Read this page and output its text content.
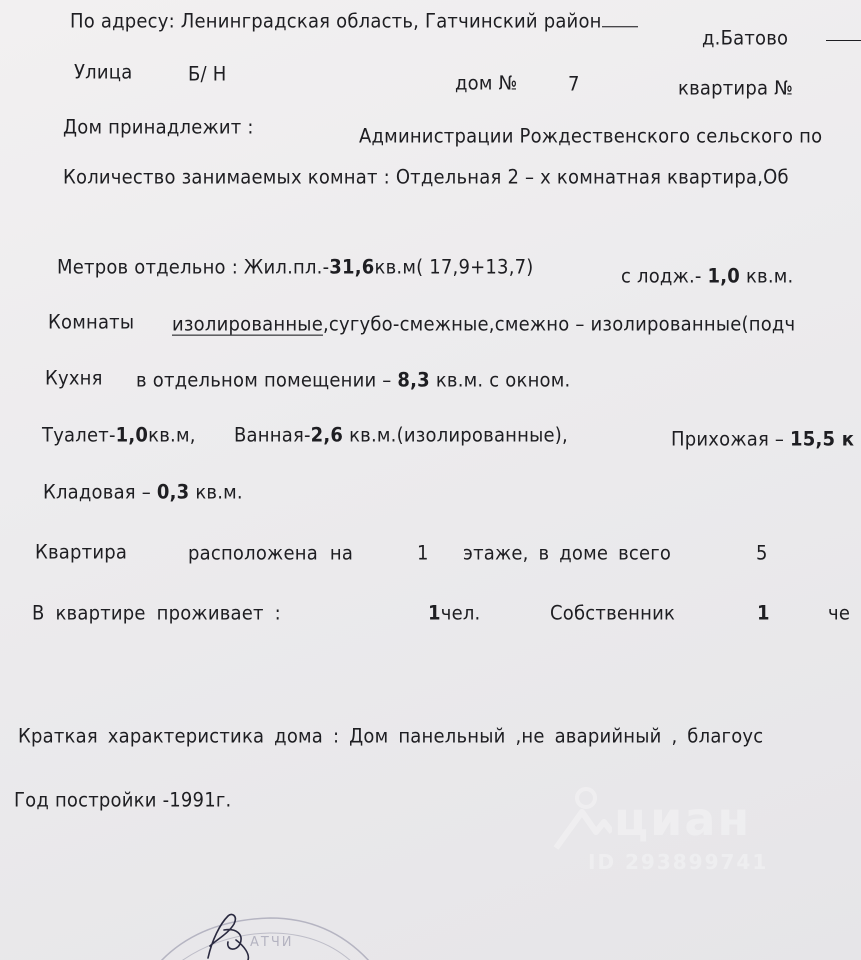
По адресу: Ленинградская область, Гатчинский район
д.Батово
Улица	Б/ Н	дом №	7	квартира №
Дом принадлежит :	Администрации Рождественского сельского по
Количество занимаемых комнат : Отдельная 2 – х комнатная квартира,Об
Метров отдельно : Жил.пл.-31,6кв.м( 17,9+13,7)	с лодж.- 1,0 кв.м.
Комнаты изолированные,сугубо-смежные,смежно – изолированные(подч
Кухня в отдельном помещении – 8,3 кв.м. с окном.
Туалет-1,0кв.м, Ванная-2,6 кв.м.(изолированные),	Прихожая – 15,5 к
Кладовая – 0,3 кв.м.
Квартира	расположена на	1 этаже, в доме всего	5
В квартире проживает :	1чел.	Собственник	1	че
Краткая характеристика дома : Дом панельный ,не аварийный , благоус
Год постройки -1991г.	циан
ID 293899741
АТЧИ
